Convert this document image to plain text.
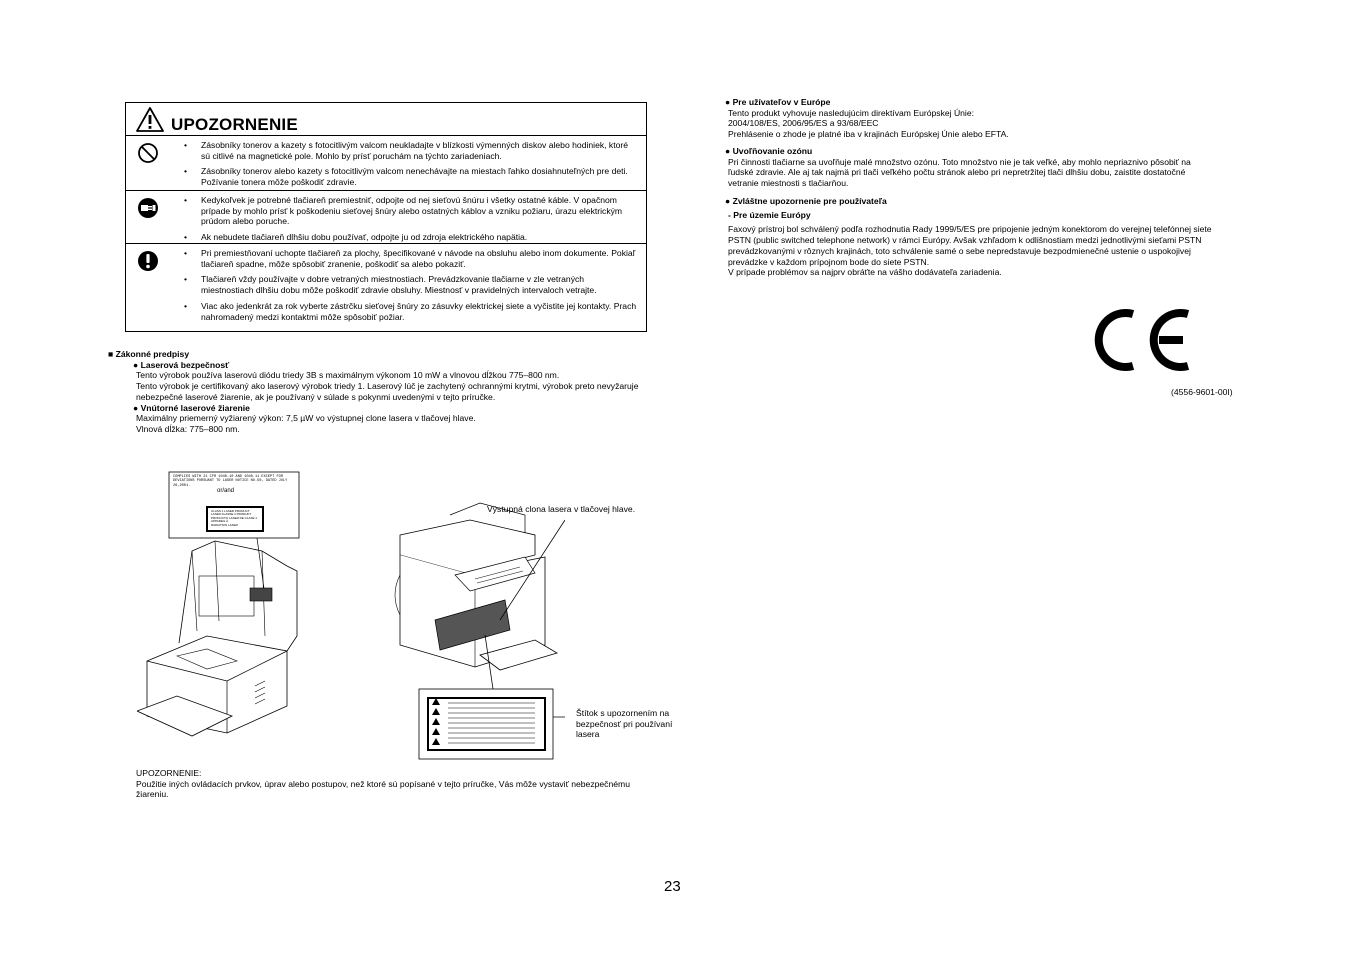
UPOZORNENIE
• Zásobníky tonerov a kazety s fotocitlivým valcom neukladajte v blízkosti výmenných diskov alebo hodiniek, ktoré sú citlivé na magnetické pole. Mohlo by prísť poruchám na týchto zariadeniach.
• Zásobníky tonerov alebo kazety s fotocitlivým valcom nenechávajte na miestach ľahko dosiahnuteľných pre deti. Požívanie tonera môže poškodiť zdravie.
• Kedykoľvek je potrebné tlačiareň premiestniť, odpojte od nej sieťovú šnúru i všetky ostatné káble. V opačnom prípade by mohlo prísť k poškodeniu sieťovej šnúry alebo ostatných káblov a vzniku požiaru, úrazu elektrickým prúdom alebo poruche.
• Ak nebudete tlačiareň dlhšiu dobu používať, odpojte ju od zdroja elektrického napätia.
• Pri premiestňovaní uchopte tlačiareň za plochy, špecifikované v návode na obsluhu alebo inom dokumente. Pokiaľ tlačiareň spadne, môže spôsobiť zranenie, poškodiť sa alebo pokaziť.
• Tlačiareň vždy používajte v dobre vetraných miestnostiach. Prevádzkovanie tlačiarne v zle vetraných miestnostiach dlhšiu dobu môže poškodiť zdravie obsluhy. Miestnosť v pravidelných intervaloch vetrajte.
• Viac ako jedenkrát za rok vyberte zástrčku sieťovej šnúry zo zásuvky elektrickej siete a vyčistite jej kontakty. Prach nahromadený medzi kontaktmi môže spôsobiť požiar.

■ Zákonné predpisy

● Laserová bezpečnosť

Tento výrobok používa laserovú diódu triedy 3B s maximálnym výkonom 10 mW a vlnovou dĺžkou 775–800 nm.

Tento výrobok je certifikovaný ako laserový výrobok triedy 1. Laserový lúč je zachytený ochrannými krytmi, výrobok preto nevyžaruje nebezpečné laserové žiarenie, ak je používaný v súlade s pokynmi uvedenými v tejto príručke.

● Vnútorné laserové žiarenie

Maximálny priemerný vyžiarený výkon: 7,5 µW vo výstupnej clone lasera v tlačovej hlave.

Vlnová dĺžka: 775–800 nm.

COMPLIES WITH 21 CFR 1040.10 AND 1040.11 EXCEPT FOR
DEVIATIONS PURSUANT TO LASER NOTICE NO.50, DATED JULY 26,2001.
or/and
CLASS 1 LASER PRODUCT
LASER KLASSE 1 PRODUKT
PRODUCTO LASER DE CLASE 1
APPAREIL À
RADIATION LASER
Výstupná clona lasera v tlačovej hlave.
Štítok s upozornením na bezpečnosť pri používaní lasera

UPOZORNENIE:

Použitie iných ovládacích prvkov, úprav alebo postupov, než ktoré sú popísané v tejto príručke, Vás môže vystaviť nebezpečnému žiareniu.

● Pre užívateľov v Európe

Tento produkt vyhovuje nasledujúcim direktívam Európskej Únie:

2004/108/ES, 2006/95/ES a 93/68/EEC

Prehlásenie o zhode je platné iba v krajinách Európskej Únie alebo EFTA.

● Uvoľňovanie ozónu

Pri činnosti tlačiarne sa uvoľňuje malé množstvo ozónu. Toto množstvo nie je tak veľké, aby mohlo nepriaznivo pôsobiť na ľudské zdravie. Ale aj tak najmä pri tlači veľkého počtu stránok alebo pri nepretržitej tlači dlhšiu dobu, zaistite dostatočné vetranie miestnosti s tlačiarňou.

● Zvláštne upozornenie pre používateľa

- Pre územie Európy

Faxový prístroj bol schválený podľa rozhodnutia Rady 1999/5/ES pre pripojenie jedným konektorom do verejnej telefónnej siete PSTN (public switched telephone network) v rámci Európy. Avšak vzhľadom k odlišnostiam medzi jednotlivými sieťami PSTN prevádzkovanými v rôznych krajinách, toto schválenie samé o sebe nepredstavuje bezpodmienečné ustenie o uspokojivej prevádzke v každom prípojnom bode do siete PSTN.

V prípade problémov sa najprv obráťte na vášho dodávateľa zariadenia.

(4556-9601-00I)
23
